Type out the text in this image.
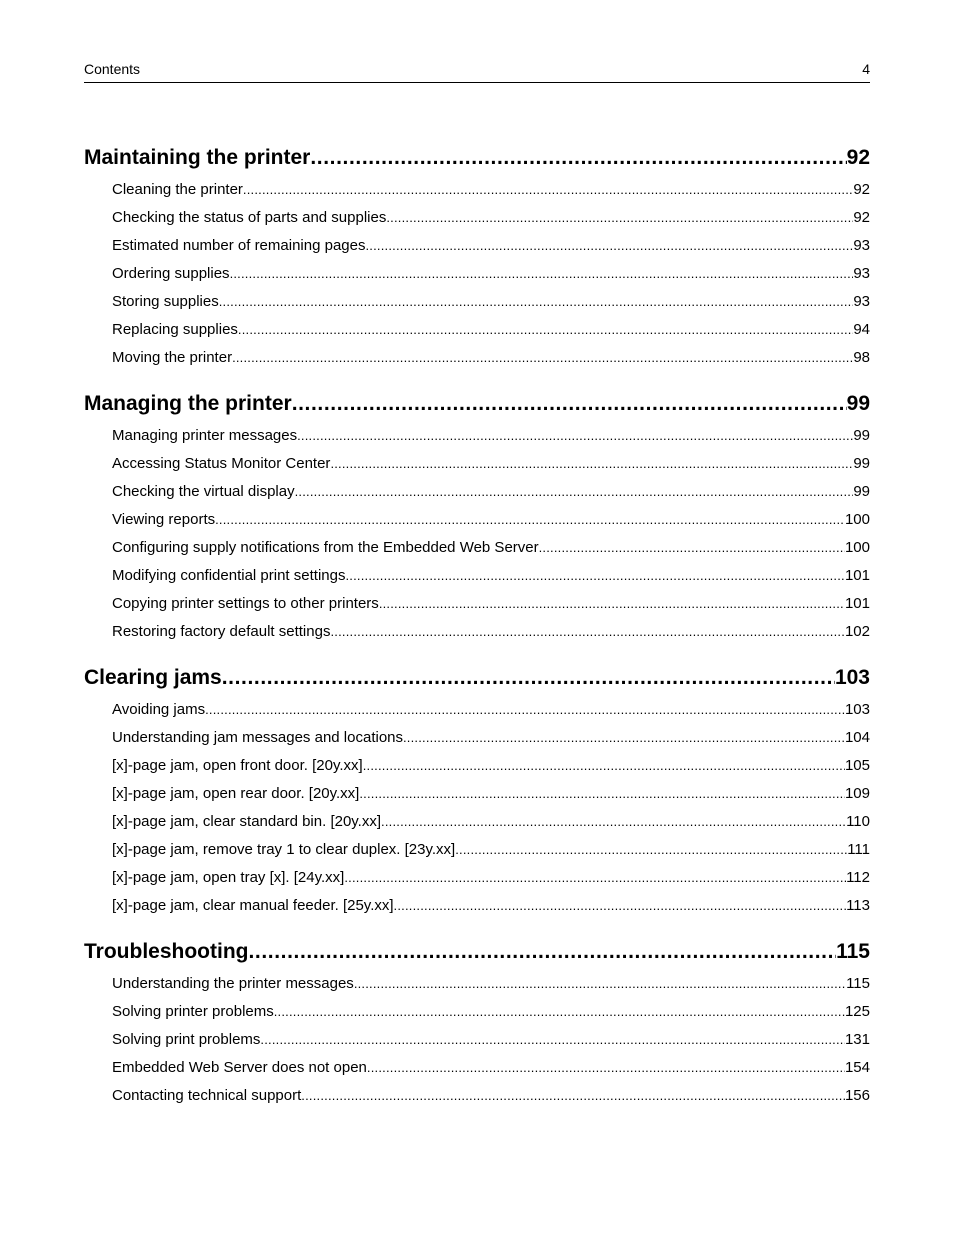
Contents	4
Maintaining the printer .....	92
Cleaning the printer .....	92
Checking the status of parts and supplies .....	92
Estimated number of remaining pages .....	93
Ordering supplies .....	93
Storing supplies .....	93
Replacing supplies .....	94
Moving the printer .....	98
Managing the printer .....	99
Managing printer messages .....	99
Accessing Status Monitor Center .....	99
Checking the virtual display .....	99
Viewing reports .....	100
Configuring supply notifications from the Embedded Web Server .....	100
Modifying confidential print settings .....	101
Copying printer settings to other printers .....	101
Restoring factory default settings .....	102
Clearing jams .....	103
Avoiding jams .....	103
Understanding jam messages and locations .....	104
[x]‑page jam, open front door. [20y.xx] .....	105
[x]‑page jam, open rear door. [20y.xx] .....	109
[x]‑page jam, clear standard bin. [20y.xx] .....	110
[x]‑page jam, remove tray 1 to clear duplex. [23y.xx] .....	111
[x]‑page jam, open tray [x]. [24y.xx] .....	112
[x]‑page jam, clear manual feeder. [25y.xx] .....	113
Troubleshooting .....	115
Understanding the printer messages .....	115
Solving printer problems .....	125
Solving print problems .....	131
Embedded Web Server does not open .....	154
Contacting technical support .....	156
